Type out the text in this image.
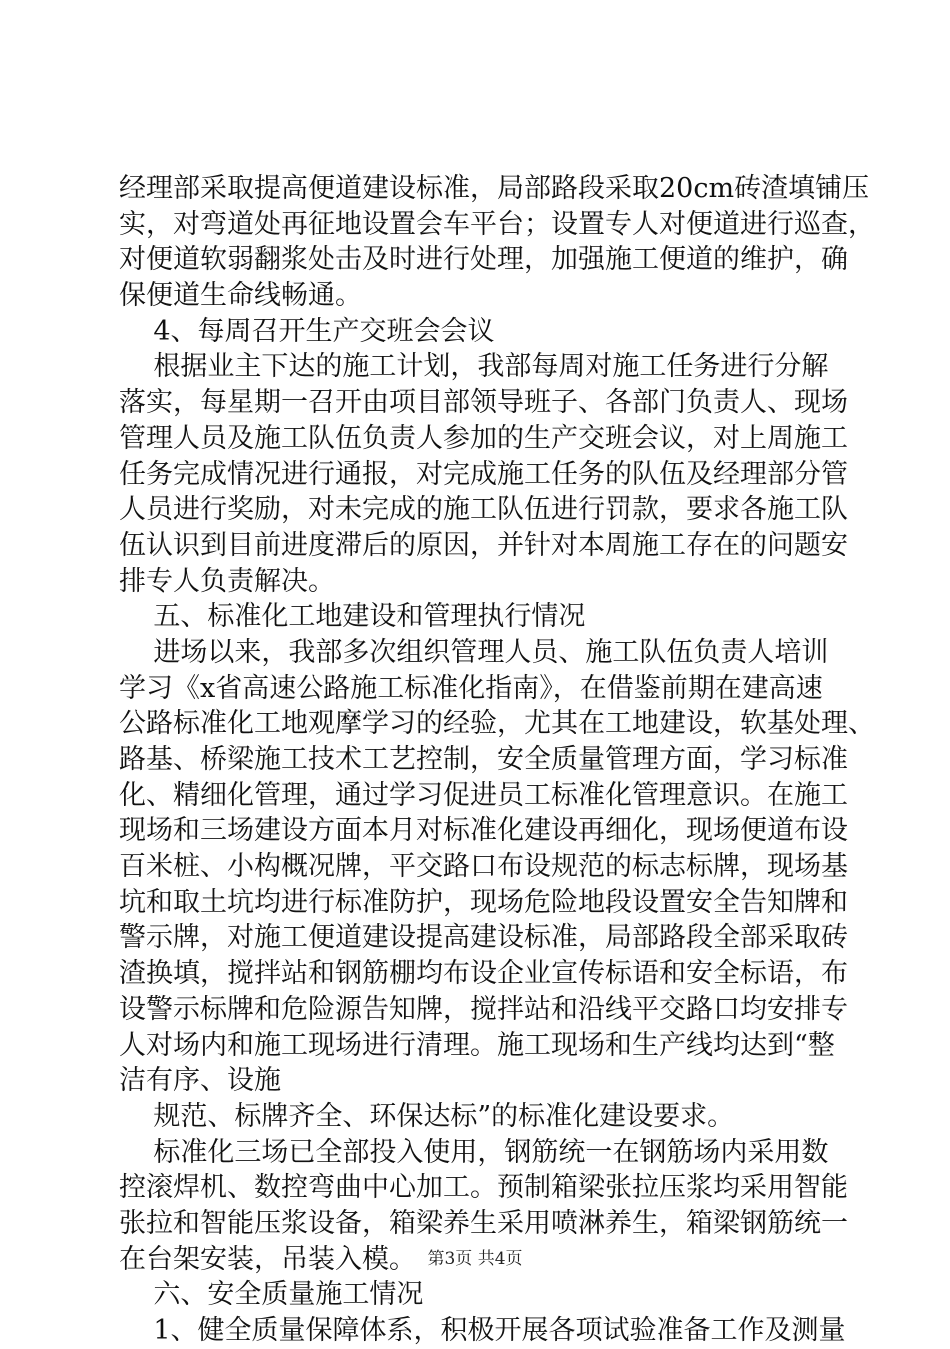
经理部采取提高便道建设标准，局部路段采取20cm砖渣填铺压
实，对弯道处再征地设置会车平台；设置专人对便道进行巡查，
对便道软弱翻浆处击及时进行处理，加强施工便道的维护，确
保便道生命线畅通。
4、每周召开生产交班会会议
根据业主下达的施工计划，我部每周对施工任务进行分解
落实，每星期一召开由项目部领导班子、各部门负责人、现场
管理人员及施工队伍负责人参加的生产交班会议，对上周施工
任务完成情况进行通报，对完成施工任务的队伍及经理部分管
人员进行奖励，对未完成的施工队伍进行罚款，要求各施工队
伍认识到目前进度滞后的原因，并针对本周施工存在的问题安
排专人负责解决。
五、标准化工地建设和管理执行情况
进场以来，我部多次组织管理人员、施工队伍负责人培训
学习《x省高速公路施工标准化指南》，在借鉴前期在建高速
公路标准化工地观摩学习的经验，尤其在工地建设，软基处理、
路基、桥梁施工技术工艺控制，安全质量管理方面，学习标准
化、精细化管理，通过学习促进员工标准化管理意识。在施工
现场和三场建设方面本月对标准化建设再细化，现场便道布设
百米桩、小构概况牌，平交路口布设规范的标志标牌，现场基
坑和取土坑均进行标准防护，现场危险地段设置安全告知牌和
警示牌，对施工便道建设提高建设标准，局部路段全部采取砖
渣换填，搅拌站和钢筋棚均布设企业宣传标语和安全标语，布
设警示标牌和危险源告知牌，搅拌站和沿线平交路口均安排专
人对场内和施工现场进行清理。施工现场和生产线均达到“整
洁有序、设施
规范、标牌齐全、环保达标”的标准化建设要求。
标准化三场已全部投入使用，钢筋统一在钢筋场内采用数
控滚焊机、数控弯曲中心加工。预制箱梁张拉压浆均采用智能
张拉和智能压浆设备，箱梁养生采用喷淋养生，箱梁钢筋统一
在台架安装，吊装入模。
六、安全质量施工情况
1、健全质量保障体系，积极开展各项试验准备工作及测量
第3页 共4页
